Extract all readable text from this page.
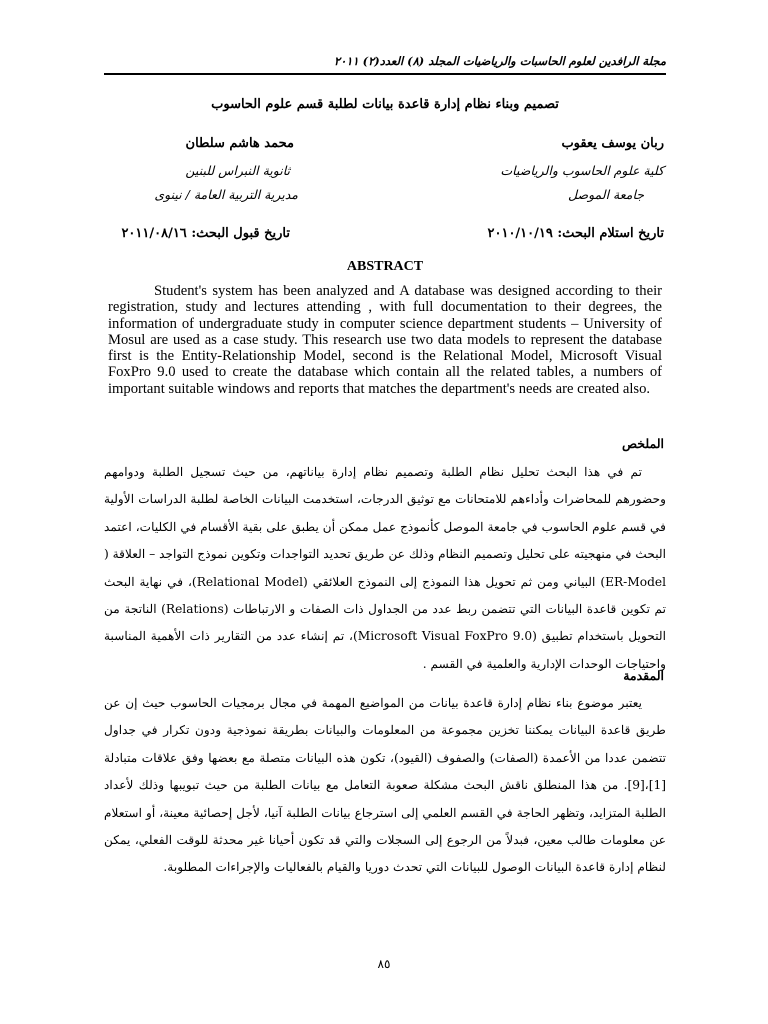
مجلة الرافدين لعلوم الحاسبات والرياضيات المجلد (٨) العدد(٢) ٢٠١١
تصميم وبناء نظام إدارة قاعدة بيانات لطلبة قسم علوم الحاسوب
ربان يوسف يعقوب
كلية علوم الحاسوب والرياضيات
جامعة الموصل
محمد هاشم سلطان
ثانوية النبراس للبنين
مديرية التربية العامة / نينوى
تاريخ استلام البحث: ٢٠١٠/١٠/١٩
تاريخ قبول البحث: ٢٠١١/٠٨/١٦
ABSTRACT
Student's system has been analyzed and A database was designed according to their registration, study and lectures attending , with full documentation to their degrees, the information of undergraduate study in computer science department students – University of Mosul are used as a case study. This research use two data models to represent the database first is the Entity-Relationship Model, second is the Relational Model, Microsoft Visual FoxPro 9.0 used to create the database which contain all the related tables, a numbers of important suitable windows and reports that matches the department's needs are created also.
الملخص
تم في هذا البحث تحليل نظام الطلبة وتصميم نظام إدارة بياناتهم، من حيث تسجيل الطلبة ودوامهم وحضورهم للمحاضرات وأداءهم للامتحانات مع توثيق الدرجات، استخدمت البيانات الخاصة لطلبة الدراسات الأولية في قسم علوم الحاسوب في جامعة الموصل كأنموذج عمل ممكن أن يطبق على بقية الأقسام في الكليات، اعتمد البحث في منهجيته على تحليل وتصميم النظام وذلك عن طريق تحديد التواجدات وتكوين نموذج التواجد – العلاقة ( ER-Model) البياني ومن ثم تحويل هذا النموذج إلى النموذج العلائقي (Relational Model)، في نهاية البحث تم تكوين قاعدة البيانات التي تتضمن ربط عدد من الجداول ذات الصفات و الارتباطات (Relations) الناتجة من التحويل باستخدام تطبيق (Microsoft Visual FoxPro 9.0)، تم إنشاء عدد من التقارير ذات الأهمية المناسبة واحتياجات الوحدات الإدارية والعلمية في القسم .
المقدمة
يعتبر موضوع بناء نظام إدارة قاعدة بيانات من المواضيع المهمة في مجال برمجيات الحاسوب حيث إن عن طريق قاعدة البيانات يمكننا تخزين مجموعة من المعلومات والبيانات بطريقة نموذجية ودون تكرار في جداول تتضمن عددا من الأعمدة (الصفات) والصفوف (القيود)، تكون هذه البيانات متصلة مع بعضها وفق علاقات متبادلة [1]،[9]. من هذا المنطلق ناقش البحث مشكلة صعوبة التعامل مع بيانات الطلبة من حيث تبويبها وذلك لأعداد الطلبة المتزايد، وتظهر الحاجة في القسم العلمي إلى استرجاع بيانات الطلبة آنيا، لأجل إحصائية معينة، أو استعلام عن معلومات طالب معين، فبدلاً من الرجوع إلى السجلات والتي قد تكون أحيانا غير محدثة للوقت الفعلي، يمكن لنظام إدارة قاعدة البيانات الوصول للبيانات التي تحدث دوريا والقيام بالفعاليات والإجراءات المطلوبة.
٨٥
